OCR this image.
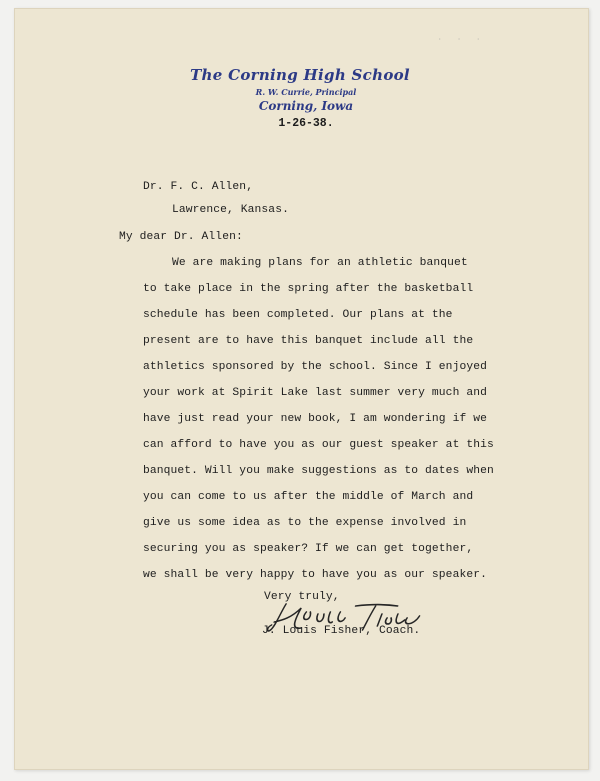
· · ·
The Corning High School
R. W. Currie, Principal
Corning, Iowa
1-26-38.
Dr. F. C. Allen,
Lawrence, Kansas.
My dear Dr. Allen:
We are making plans for an athletic banquet
to take place in the spring after the basketball
schedule has been completed. Our plans at the
present are to have this banquet include all the
athletics sponsored by the school. Since I enjoyed
your work at Spirit Lake last summer very much and
have just read your new book, I am wondering if we
can afford to have you as our guest speaker at this
banquet. Will you make suggestions as to dates when
you can come to us after the middle of March and
give us some idea as to the expense involved in
securing you as speaker? If we can get together,
we shall be very happy to have you as our speaker.
Very truly,
J. Louis Fisher, Coach.
